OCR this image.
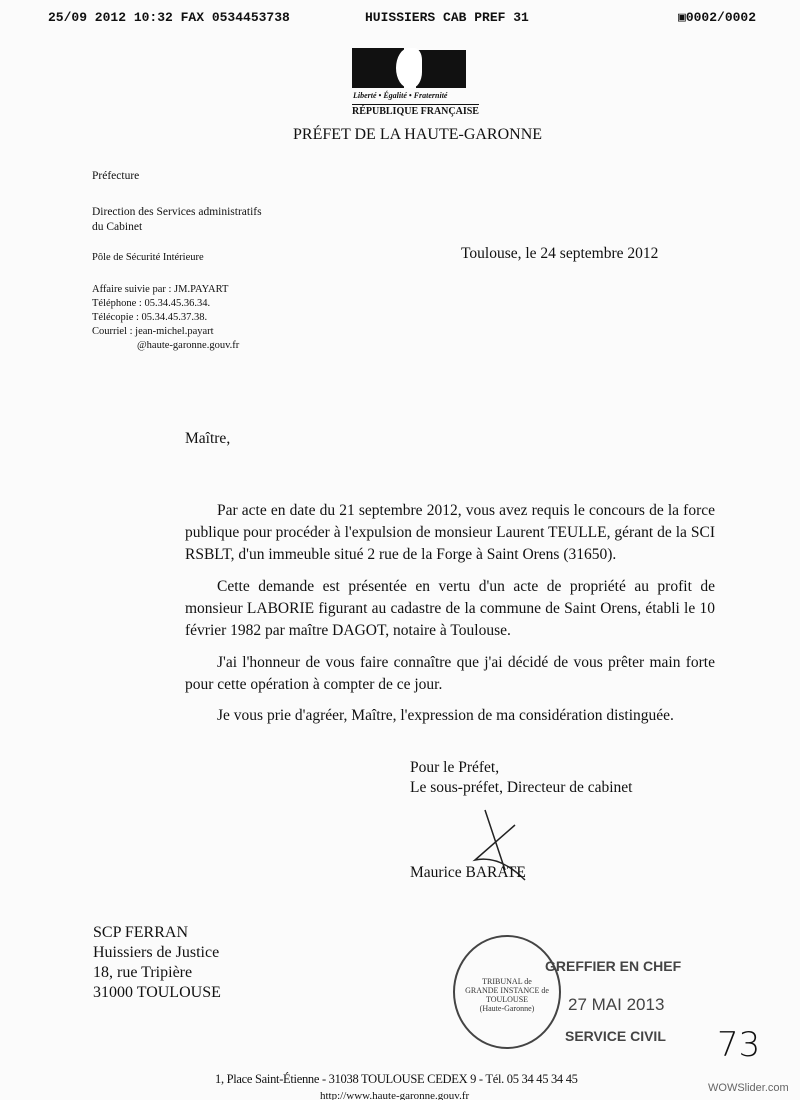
25/09 2012 10:32 FAX 0534453738	HUISSIERS CAB PREF 31	▣0002/0002
Liberté • Égalité • Fraternité
RÉPUBLIQUE FRANÇAISE
PRÉFET DE LA HAUTE-GARONNE
Préfecture
Direction des Services administratifs
du Cabinet
Pôle de Sécurité Intérieure
Affaire suivie par : JM.PAYART
Téléphone : 05.34.45.36.34.
Télécopie : 05.34.45.37.38.
Courriel : jean-michel.payart
@haute-garonne.gouv.fr
Toulouse, le 24 septembre 2012
Maître,
Par acte en date du 21 septembre 2012, vous avez requis le concours de la force publique pour procéder à l'expulsion de monsieur Laurent TEULLE, gérant de la SCI RSBLT, d'un immeuble situé 2 rue de la Forge à Saint Orens (31650).
Cette demande est présentée en vertu d'un acte de propriété au profit de monsieur LABORIE figurant au cadastre de la commune de Saint Orens, établi le 10 février 1982 par maître DAGOT, notaire à Toulouse.
J'ai l'honneur de vous faire connaître que j'ai décidé de vous prêter main forte pour cette opération à compter de ce jour.
Je vous prie d'agréer, Maître, l'expression de ma considération distinguée.
Pour le Préfet,
Le sous-préfet, Directeur de cabinet
Maurice BARATE
SCP FERRAN
Huissiers de Justice
18, rue Tripière
31000 TOULOUSE
TRIBUNAL de GRANDE INSTANCE de TOULOUSE
(Haute-Garonne)
GREFFIER EN CHEF
27 MAI 2013
SERVICE CIVIL 73
1, Place Saint-Étienne - 31038 TOULOUSE CEDEX 9 - Tél. 05 34 45 34 45
http://www.haute-garonne.gouv.fr
WOWSlider.com
